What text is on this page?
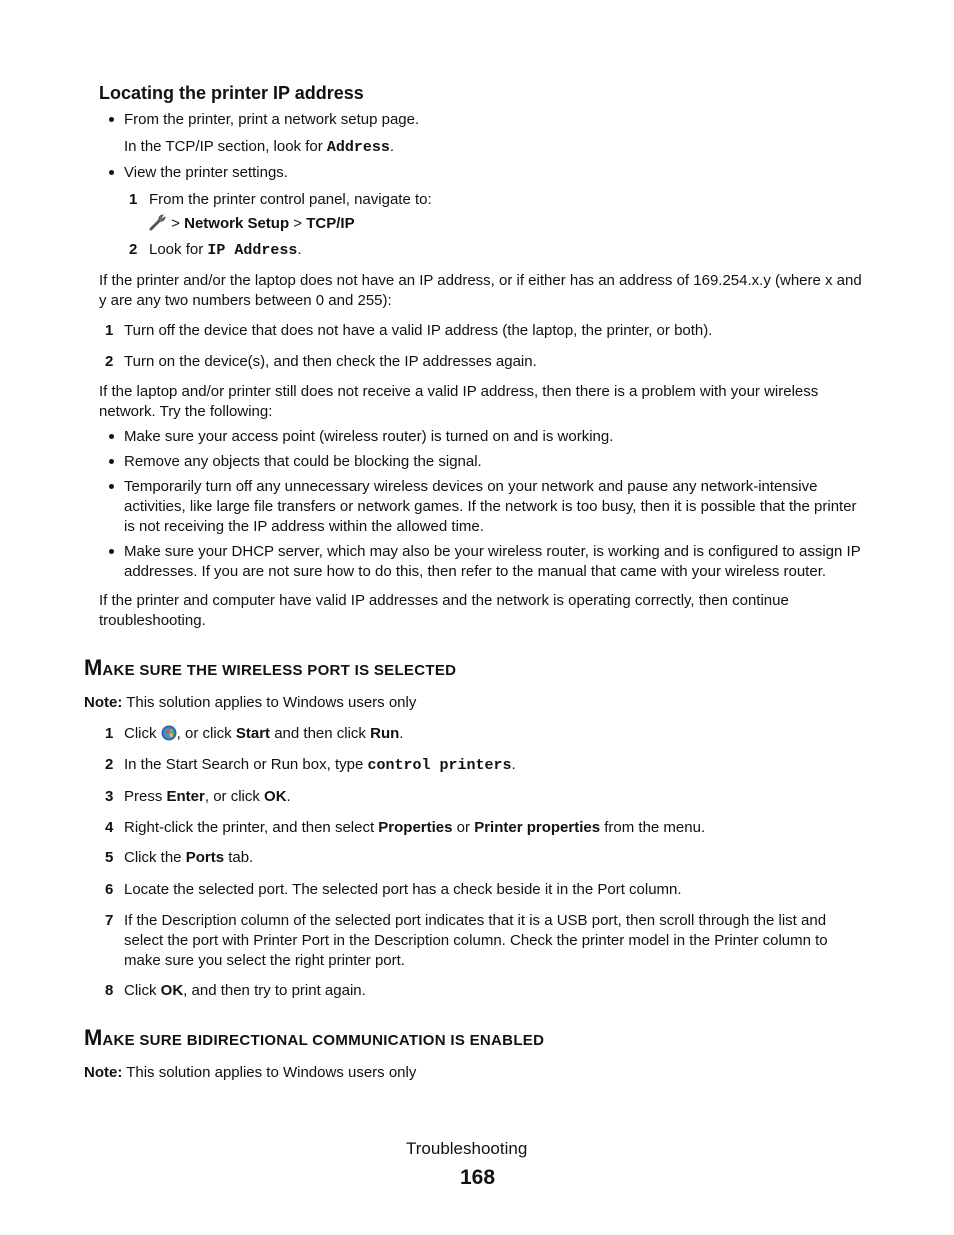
Locating the printer IP address
From the printer, print a network setup page.
In the TCP/IP section, look for Address.
View the printer settings.
1 From the printer control panel, navigate to:
> Network Setup > TCP/IP
2 Look for IP Address.
If the printer and/or the laptop does not have an IP address, or if either has an address of 169.254.x.y (where x and
y are any two numbers between 0 and 255):
1 Turn off the device that does not have a valid IP address (the laptop, the printer, or both).
2 Turn on the device(s), and then check the IP addresses again.
If the laptop and/or printer still does not receive a valid IP address, then there is a problem with your wireless
network. Try the following:
Make sure your access point (wireless router) is turned on and is working.
Remove any objects that could be blocking the signal.
Temporarily turn off any unnecessary wireless devices on your network and pause any network-intensive
activities, like large file transfers or network games. If the network is too busy, then it is possible that the printer
is not receiving the IP address within the allowed time.
Make sure your DHCP server, which may also be your wireless router, is working and is configured to assign IP
addresses. If you are not sure how to do this, then refer to the manual that came with your wireless router.
If the printer and computer have valid IP addresses and the network is operating correctly, then continue
troubleshooting.
MAKE SURE THE WIRELESS PORT IS SELECTED
Note: This solution applies to Windows users only
1 Click , or click Start and then click Run.
2 In the Start Search or Run box, type control printers.
3 Press Enter, or click OK.
4 Right-click the printer, and then select Properties or Printer properties from the menu.
5 Click the Ports tab.
6 Locate the selected port. The selected port has a check beside it in the Port column.
7 If the Description column of the selected port indicates that it is a USB port, then scroll through the list and
select the port with Printer Port in the Description column. Check the printer model in the Printer column to
make sure you select the right printer port.
8 Click OK, and then try to print again.
MAKE SURE BIDIRECTIONAL COMMUNICATION IS ENABLED
Note: This solution applies to Windows users only
Troubleshooting
168
